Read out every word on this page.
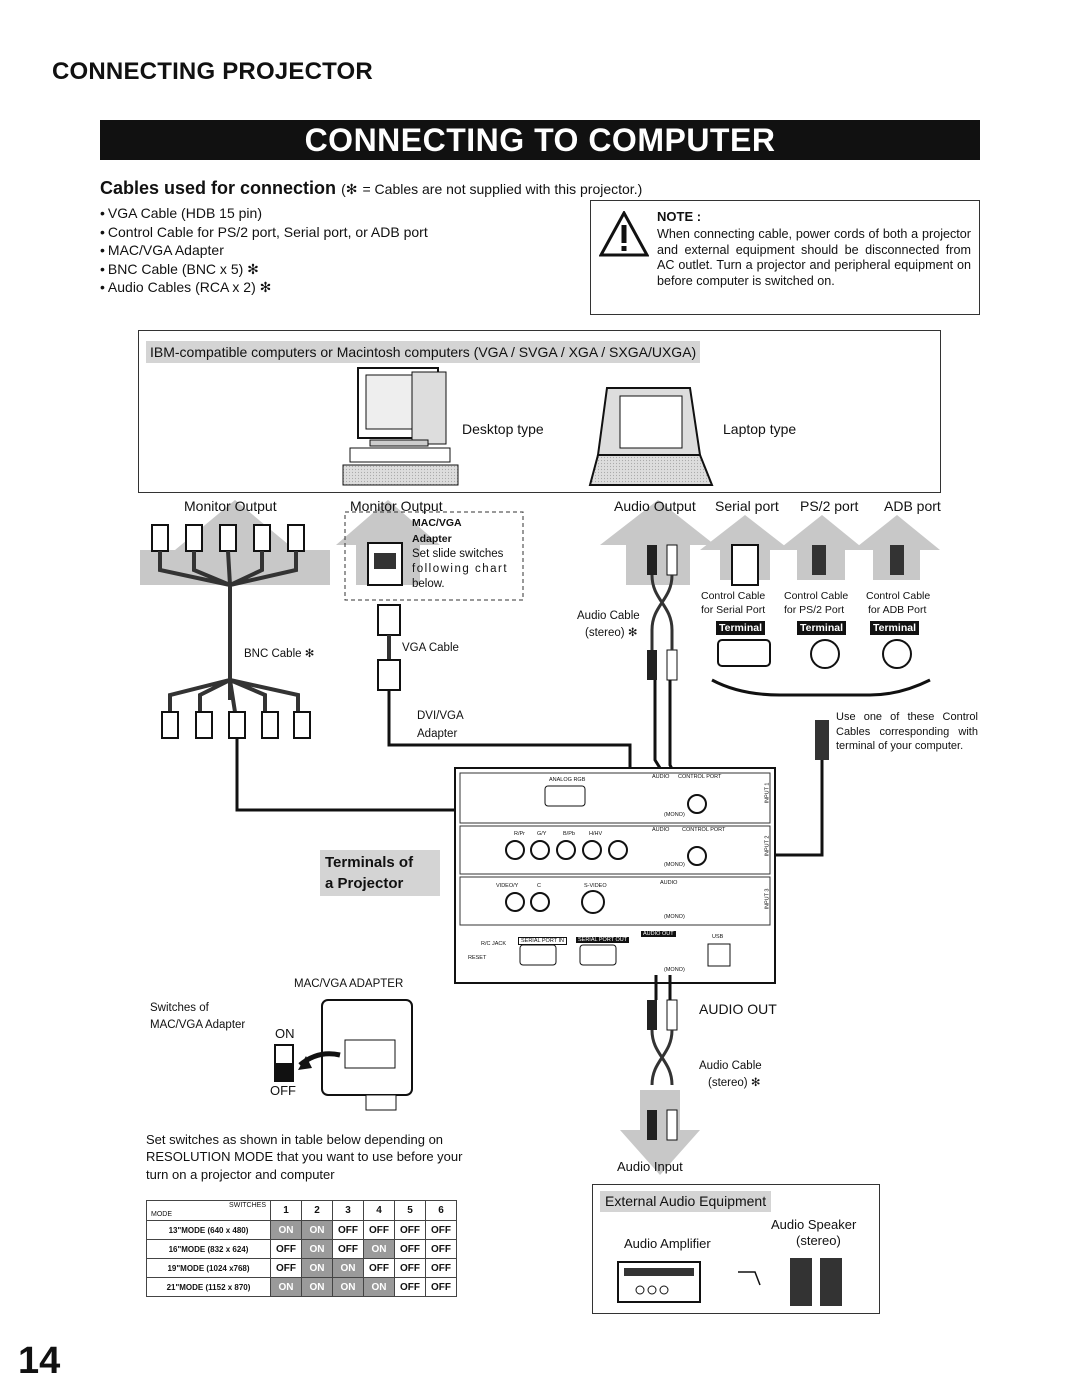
CONNECTING PROJECTOR
CONNECTING TO COMPUTER
Cables used for connection (✻ = Cables are not supplied with this projector.)
• VGA Cable (HDB 15 pin)
• Control Cable for PS/2 port, Serial port, or ADB port
• MAC/VGA Adapter
• BNC Cable (BNC x 5) ✻
• Audio Cables (RCA x 2) ✻
NOTE :
When connecting cable, power cords of both a projector and external equipment should be disconnected from AC outlet. Turn a projector and peripheral equipment on before computer is switched on.
IBM-compatible computers or Macintosh computers (VGA / SVGA / XGA / SXGA/UXGA)
Desktop type	Laptop type
Monitor Output	Monitor Output	Audio Output Serial port PS/2 port ADB port
MAC/VGA
Adapter
Set slide switches
following chart
below.
BNC Cable ✻	VGA Cable
DVI/VGA
Adapter
Audio Cable
(stereo) ✻
Control Cable
for Serial Port
Control Cable
for PS/2 Port
Control Cable
for ADB Port
Terminal	Terminal	Terminal
Use one of these Control Cables corresponding with terminal of your computer.
Terminals of
a Projector
ANALOG RGB	AUDIO CONTROL PORT
(MONO)
INPUT 1
R/Pr G/Y	B/Pb	H/HV
AUDIO CONTROL PORT
(MONO)
INPUT 2
VIDEO/Y	C	S-VIDEO	AUDIO
(MONO)
INPUT 3
R/C JACK
RESET
SERIAL PORT IN	SERIAL PORT OUT
AUDIO OUT	USB
(MONO)
MAC/VGA ADAPTER
Switches of
MAC/VGA Adapter
ON
OFF
AUDIO OUT
Audio Cable
(stereo) ✻
Audio Input
Set switches as shown in table below depending on RESOLUTION MODE that you want to use before your turn on a projector and computer
MODE
SWITCHES	1	2	3	4	5	6
13"MODE (640 x 480)	ON	ON	OFF	OFF	OFF	OFF
16"MODE (832 x 624)	OFF	ON	OFF	ON	OFF	OFF
19"MODE (1024 x768)	OFF	ON	ON	OFF	OFF	OFF
21"MODE (1152 x 870)	ON	ON	ON	ON	OFF	OFF
External Audio Equipment
Audio Speaker
(stereo)
Audio Amplifier
14
